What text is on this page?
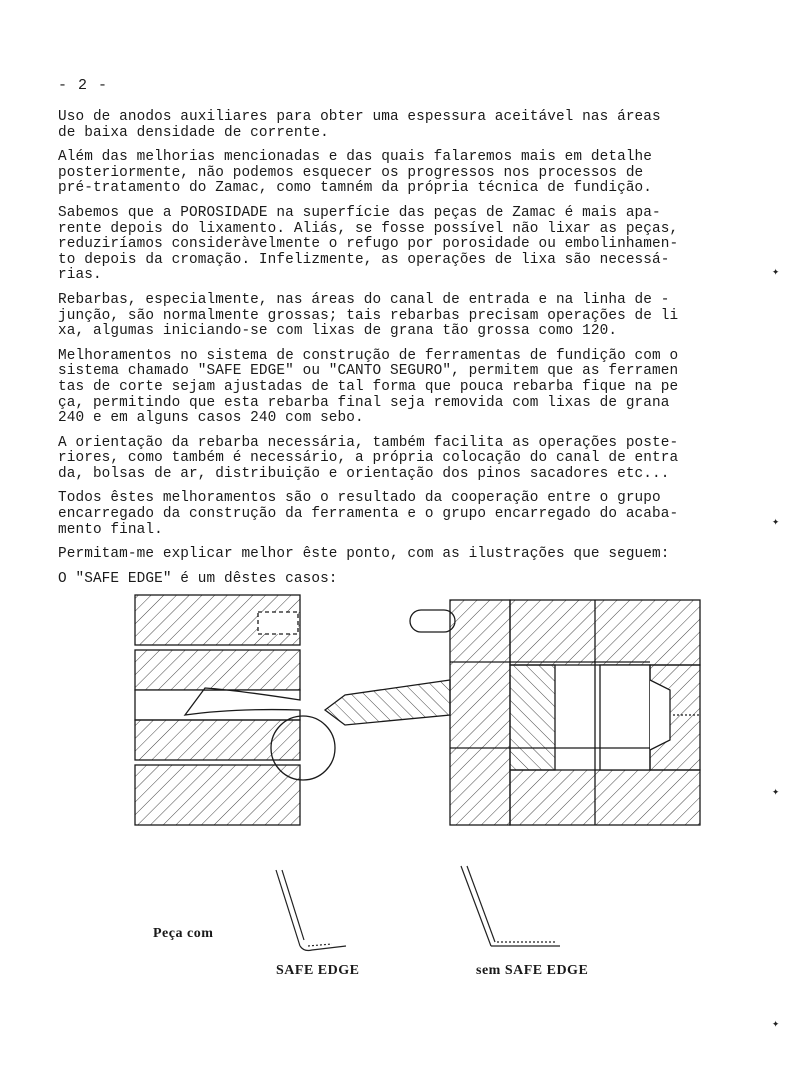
- 2 -

Uso de anodos auxiliares para obter uma espessura aceitável nas áreas
de baixa densidade de corrente.

Além das melhorias mencionadas e das quais falaremos mais em detalhe
posteriormente, não podemos esquecer os progressos nos processos de
pré-tratamento do Zamac, como tamném da própria técnica de fundição.

Sabemos que a POROSIDADE na superfície das peças de Zamac é mais apa-
rente depois do lixamento. Aliás, se fosse possível não lixar as peças,
reduziríamos consideràvelmente o refugo por porosidade ou embolinhamen-
to depois da cromação. Infelizmente, as operações de lixa são necessá-
rias.

Rebarbas, especialmente, nas áreas do canal de entrada e na linha de -
junção, são normalmente grossas; tais rebarbas precisam operações de li
xa, algumas iniciando-se com lixas de grana tão grossa como 120.

Melhoramentos no sistema de construção de ferramentas de fundição com o
sistema chamado "SAFE EDGE" ou "CANTO SEGURO", permitem que as ferramen
tas de corte sejam ajustadas de tal forma que pouca rebarba fique na pe
ça, permitindo que esta rebarba final seja removida com lixas de grana
240 e em alguns casos 240 com sebo.

A orientação da rebarba necessária, também facilita as operações poste-
riores, como também é necessário, a própria colocação do canal de entra
da, bolsas de ar, distribuição e orientação dos pinos sacadores etc...

Todos êstes melhoramentos são o resultado da cooperação entre o grupo
encarregado da construção da ferramenta e o grupo encarregado do acaba-
mento final.

Permitam-me explicar melhor êste ponto, com as ilustrações que seguem:

O "SAFE EDGE" é um dêstes casos:

Peça com
SAFE EDGE	sem SAFE EDGE
✦
✦
✦
✦
